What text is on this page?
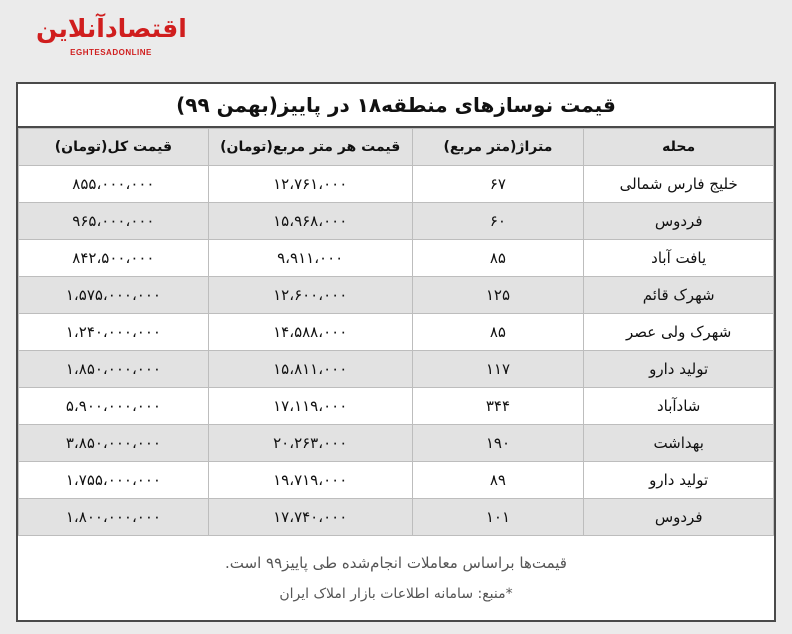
اقتصادآنلاین
EGHTESADONLINE
قیمت نوسازهای منطقه۱۸ در پاییز(بهمن ۹۹)
محله	متراژ(متر مربع)	قیمت هر متر مربع(تومان)	قیمت کل(تومان)
خلیج فارس شمالی	۶۷	۱۲،۷۶۱،۰۰۰	۸۵۵،۰۰۰،۰۰۰
فردوس	۶۰	۱۵،۹۶۸،۰۰۰	۹۶۵،۰۰۰،۰۰۰
یافت آباد	۸۵	۹،۹۱۱،۰۰۰	۸۴۲،۵۰۰،۰۰۰
شهرک قائم	۱۲۵	۱۲،۶۰۰،۰۰۰	۱،۵۷۵،۰۰۰،۰۰۰
شهرک ولی عصر	۸۵	۱۴،۵۸۸،۰۰۰	۱،۲۴۰،۰۰۰،۰۰۰
تولید دارو	۱۱۷	۱۵،۸۱۱،۰۰۰	۱،۸۵۰،۰۰۰،۰۰۰
شادآباد	۳۴۴	۱۷،۱۱۹،۰۰۰	۵،۹۰۰،۰۰۰،۰۰۰
بهداشت	۱۹۰	۲۰،۲۶۳،۰۰۰	۳،۸۵۰،۰۰۰،۰۰۰
تولید دارو	۸۹	۱۹،۷۱۹،۰۰۰	۱،۷۵۵،۰۰۰،۰۰۰
فردوس	۱۰۱	۱۷،۷۴۰،۰۰۰	۱،۸۰۰،۰۰۰،۰۰۰
قیمت‌ها براساس معاملات انجام‌شده طی پاییز۹۹ است.
*منبع: سامانه اطلاعات بازار املاک ایران
